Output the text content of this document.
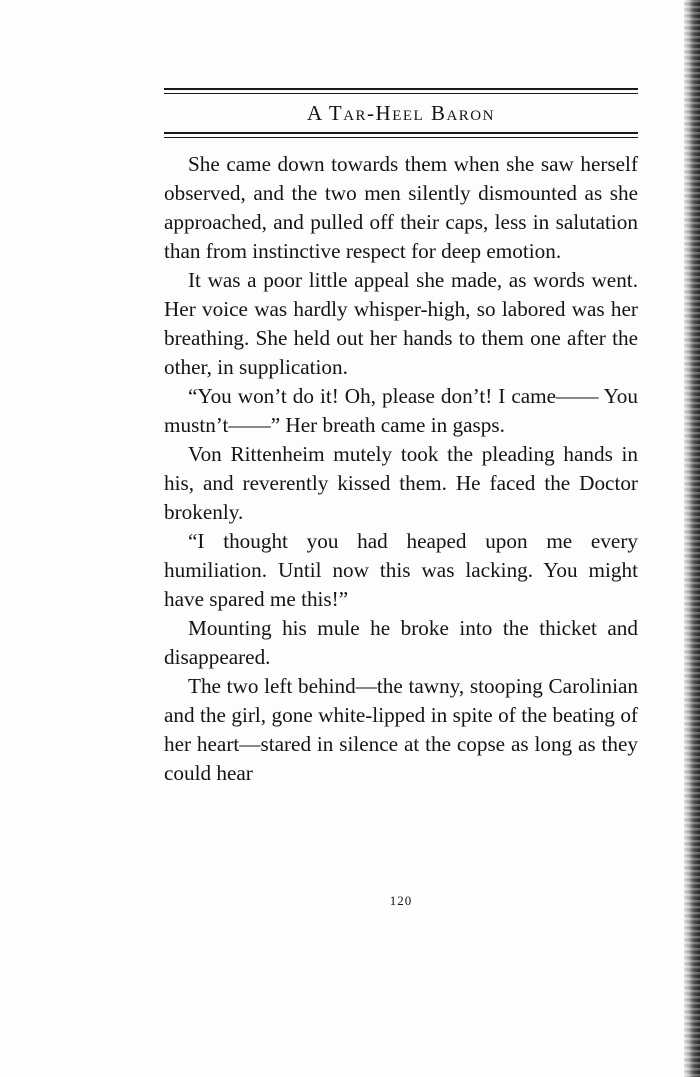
A Tar-Heel Baron

She came down towards them when she saw herself observed, and the two men silently dismounted as she approached, and pulled off their caps, less in salutation than from instinctive respect for deep emotion.

It was a poor little appeal she made, as words went. Her voice was hardly whisper-high, so labored was her breathing. She held out her hands to them one after the other, in supplication.

“You won’t do it! Oh, please don’t! I came—— You mustn’t——” Her breath came in gasps.

Von Rittenheim mutely took the pleading hands in his, and reverently kissed them. He faced the Doctor brokenly.

“I thought you had heaped upon me every humiliation. Until now this was lacking. You might have spared me this!”

Mounting his mule he broke into the thicket and disappeared.

The two left behind—the tawny, stooping Carolinian and the girl, gone white-lipped in spite of the beating of her heart—stared in silence at the copse as long as they could hear

120
